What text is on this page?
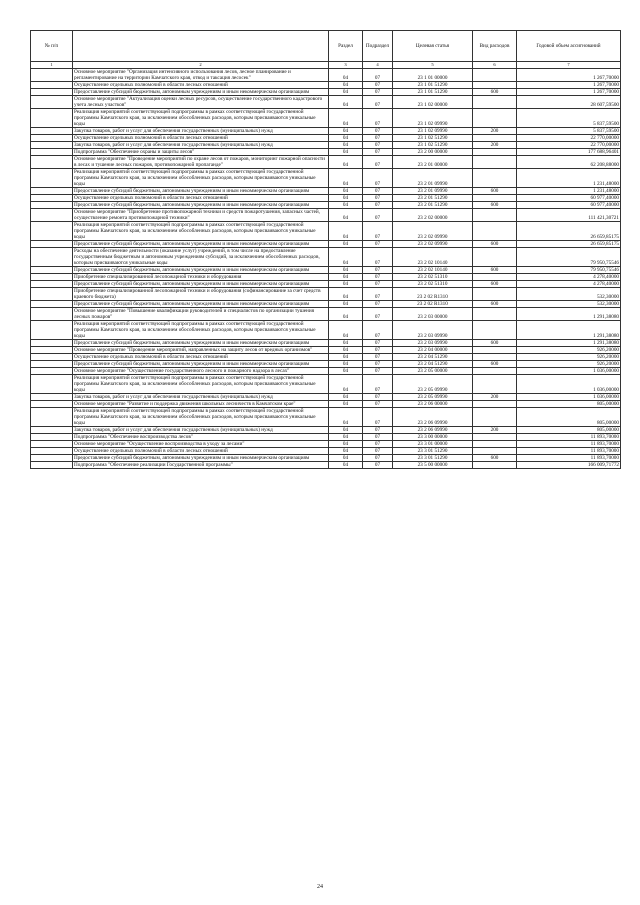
№ п/п		Раздел	Подраздел	Целевая статья	Вид расходов	Годовой объем ассигнований
1	2	3	4	5	6	7
	Основное мероприятие "Организация интенсивного использования лесов, лесное планирование и регламентирование на территории Камчатского края, отвод и таксация лесосек"	04	07	23 1 01 00000		1 267,70000
	Осуществление отдельных полномочий в области лесных отношений	04	07	23 1 01 51290		1 267,70000
	Предоставление субсидий бюджетным, автономным учреждениям и иным некоммерческим организациям	04	07	23 1 01 51290	600	1 267,70000
	Основное мероприятие "Актуализация оценки лесных ресурсов, осуществление государственного кадастрового учета лесных участков"	04	07	23 1 02 00000		28 607,59500
	Реализация мероприятий соответствующей подпрограммы в рамках соответствующей государственной программы Камчатского края, за исключением обособленных расходов, которым присваиваются уникальные коды	04	07	23 1 02 09990		5 837,59500
	Закупка товаров, работ и услуг для обеспечения государственных (муниципальных) нужд	04	07	23 1 02 09990	200	5 837,59500
	Осуществление отдельных полномочий в области лесных отношений	04	07	23 1 02 51290		22 770,00000
	Закупка товаров, работ и услуг для обеспечения государственных (муниципальных) нужд	04	07	23 1 02 51290	200	22 770,00000
	Подпрограмма "Обеспечение охраны и защиты лесов"	04	07	23 2 00 00000		177 688,96401
	Основное мероприятие "Проведение мероприятий по охране лесов от пожаров, мониторинг пожарной опасности в лесах и тушение лесных пожаров, противопожарной пропаганде"	04	07	23 2 01 00000		62 208,88000
	Реализация мероприятий соответствующей подпрограммы в рамках соответствующей государственной программы Камчатского края, за исключением обособленных расходов, которым присваиваются уникальные коды	04	07	23 2 01 09990		1 231,48000
	Предоставление субсидий бюджетным, автономным учреждениям и иным некоммерческим организациям	04	07	23 2 01 09990	600	1 231,48000
	Осуществление отдельных полномочий в области лесных отношений	04	07	23 2 01 51290		60 977,40000
	Предоставление субсидий бюджетным, автономным учреждениям и иным некоммерческим организациям	04	07	23 2 01 51290	600	60 977,40000
	Основное мероприятие "Приобретение противопожарной техники и средств пожаротушения, запасных частей, осуществление ремонта противопожарной техники"	04	07	23 2 02 00000		111 421,30721
	Реализация мероприятий соответствующей подпрограммы в рамках соответствующей государственной программы Камчатского края, за исключением обособленных расходов, которым присваиваются уникальные коды	04	07	23 2 02 09990		26 659,85175
	Предоставление субсидий бюджетным, автономным учреждениям и иным некоммерческим организациям	04	07	23 2 02 09990	600	26 659,85175
	Расходы на обеспечение деятельности (оказание услуг) учреждений, в том числе на предоставление государственным бюджетным и автономным учреждениям субсидий, за исключением обособленных расходов, которым присваиваются уникальные коды	04	07	23 2 02 10140		79 950,75546
	Предоставление субсидий бюджетным, автономным учреждениям и иным некоммерческим организациям	04	07	23 2 02 10140	600	79 950,75546
	Приобретение специализированной лесопожарной техники и оборудования	04	07	23 2 02 51310		4 278,40000
	Предоставление субсидий бюджетным, автономным учреждениям и иным некоммерческим организациям	04	07	23 2 02 51310	600	4 278,40000
	Приобретение специализированной лесопожарной техники и оборудования (софинансирование за счет средств краевого бюджета)	04	07	23 2 02 R1310		532,30000
	Предоставление субсидий бюджетным, автономным учреждениям и иным некоммерческим организациям	04	07	23 2 02 R1310	600	532,30000
	Основное мероприятие "Повышение квалификации руководителей и специалистов по организации тушения лесных пожаров"	04	07	23 2 03 00000		1 291,38080
	Реализация мероприятий соответствующей подпрограммы в рамках соответствующей государственной программы Камчатского края, за исключением обособленных расходов, которым присваиваются уникальные коды	04	07	23 2 03 09990		1 291,38080
	Предоставление субсидий бюджетным, автономным учреждениям и иным некоммерческим организациям	04	07	23 2 03 09990	600	1 291,38080
	Основное мероприятие "Проведение мероприятий, направленных на защиту лесов от вредных организмов"	04	07	23 2 04 00000		926,20000
	Осуществление отдельных полномочий в области лесных отношений	04	07	23 2 04 51290		926,20000
	Предоставление субсидий бюджетным, автономным учреждениям и иным некоммерческим организациям	04	07	23 2 04 51290	600	926,20000
	Основное мероприятие "Осуществление государственного лесного и пожарного надзора в лесах"	04	07	23 2 05 00000		1 036,00000
	Реализация мероприятий соответствующей подпрограммы в рамках соответствующей государственной программы Камчатского края, за исключением обособленных расходов, которым присваиваются уникальные коды	04	07	23 2 05 09990		1 036,00000
	Закупка товаров, работ и услуг для обеспечения государственных (муниципальных) нужд	04	07	23 2 05 09990	200	1 036,00000
	Основное мероприятие "Развитие и поддержка движения школьных лесничеств в Камчатском крае"	04	07	23 2 06 00000		805,00000
	Реализация мероприятий соответствующей подпрограммы в рамках соответствующей государственной программы Камчатского края, за исключением обособленных расходов, которым присваиваются уникальные коды	04	07	23 2 06 09990		805,00000
	Закупка товаров, работ и услуг для обеспечения государственных (муниципальных) нужд	04	07	23 2 06 09990	200	805,00000
	Подпрограмма "Обеспечение воспроизводства лесов"	04	07	23 3 00 00000		11 893,70000
	Основное мероприятие "Осуществление воспроизводства в уходу за лесами"	04	07	23 3 01 00000		11 893,70000
	Осуществление отдельных полномочий в области лесных отношений	04	07	23 3 01 51290		11 893,70000
	Предоставление субсидий бюджетным, автономным учреждениям и иным некоммерческим организациям	04	07	23 3 01 51290	600	11 893,70000
	Подпрограмма "Обеспечение реализации Государственной программы"	04	07	23 5 00 00000		166 009,71772
24
